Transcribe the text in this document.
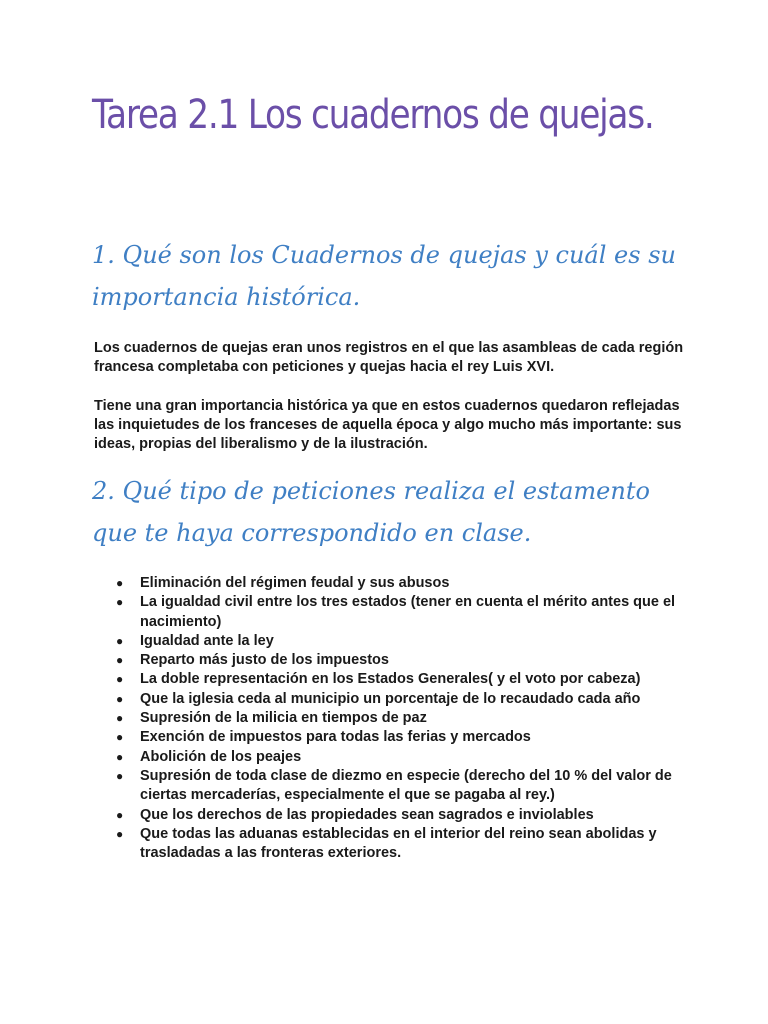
Tarea 2.1 Los cuadernos de quejas.
1. Qué son los Cuadernos de quejas y cuál es su importancia histórica.

Los cuadernos de quejas eran unos registros en el que las asambleas de cada región francesa completaba con peticiones y quejas hacia el rey Luis XVI.

Tiene una gran importancia histórica ya que en estos cuadernos quedaron reflejadas las inquietudes de los franceses de aquella época y algo mucho más importante: sus ideas, propias del liberalismo y de la ilustración.

2. Qué tipo de peticiones realiza el estamento que te haya correspondido en clase.
● Eliminación del régimen feudal y sus abusos
● La igualdad civil entre los tres estados (tener en cuenta el mérito antes que el nacimiento)
● Igualdad ante la ley
● Reparto más justo de los impuestos
● La doble representación en los Estados Generales( y el voto por cabeza)
● Que la iglesia ceda al municipio un porcentaje de lo recaudado cada año
● Supresión de la milicia en tiempos de paz
● Exención de impuestos para todas las ferias y mercados
● Abolición de los peajes
● Supresión de toda clase de diezmo en especie (derecho del 10 % del valor de ciertas mercaderías, especialmente el que se pagaba al rey.)
● Que los derechos de las propiedades sean sagrados e inviolables
● Que todas las aduanas establecidas en el interior del reino sean abolidas y trasladadas a las fronteras exteriores.
